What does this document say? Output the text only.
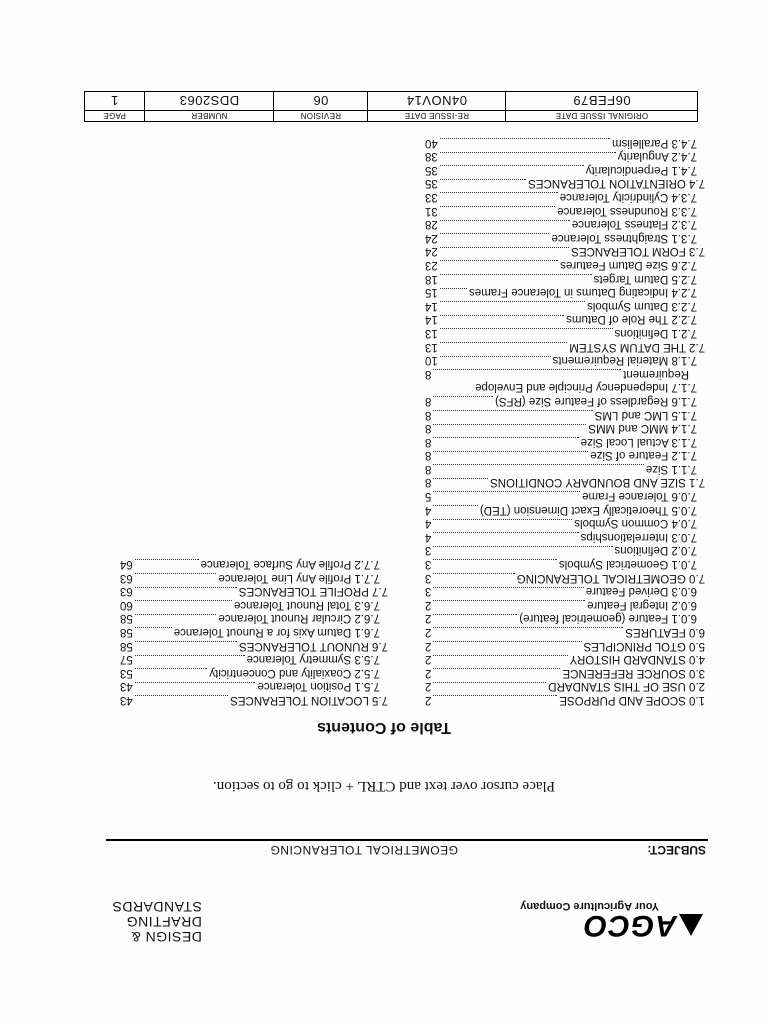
AGCO
Your Agriculture Company
DESIGN &
DRAFTING
STANDARDS
SUBJECT:
GEOMETRICAL TOLERANCING
Place cursor over text and CTRL + click to go to section.
Table of Contents
1.0 SCOPE AND PURPOSE
2
2.0 USE OF THIS STANDARD
2
3.0 SOURCE REFERENCE
2
4.0 STANDARD HISTORY
2
5.0 GTOL PRINCIPLES
2
6.0 FEATURES
2
6.0.1 Feature (geometrical feature)
2
6.0.2 Integral Feature
2
6.0.3 Derived Feature
3
7.0 GEOMETRICAL TOLERANCING
3
7.0.1 Geometrical Symbols
3
7.0.2 Definitions
3
7.0.3 Interrelationships
4
7.0.4 Common Symbols
4
7.0.5 Theoretically Exact Dimension (TED)
4
7.0.6 Tolerance Frame
5
7.1 SIZE AND BOUNDARY CONDITIONS
8
7.1.1 Size
8
7.1.2 Feature of Size
8
7.1.3 Actual Local Size
8
7.1.4 MMC and MMS
8
7.1.5 LMC and LMS
8
7.1.6 Regardless of Feature Size (RFS)
8
7.1.7 Independency Principle and Envelope
Requirement
8
7.1.8 Material Requirements
10
7.2 THE DATUM SYSTEM
13
7.2.1 Definitions
13
7.2.2 The Role of Datums
14
7.2.3 Datum Symbols
14
7.2.4 Indicating Datums in Tolerance Frames
15
7.2.5 Datum Targets
18
7.2.6 Size Datum Features
23
7.3 FORM TOLERANCES
24
7.3.1 Straightness Tolerance
24
7.3.2 Flatness Tolerance
28
7.3.3 Roundness Tolerance
31
7.3.4 Cylindricity Tolerance
33
7.4 ORIENTATION TOLERANCES
35
7.4.1 Perpendicularity
35
7.4.2 Angularity
38
7.4.3 Parallelism
40
7.5 LOCATION TOLERANCES
43
7.5.1 Position Tolerance
43
7.5.2 Coaxiality and Concentricity
53
7.5.3 Symmetry Tolerance
57
7.6 RUNOUT TOLERANCES
58
7.6.1 Datum Axis for a Runout Tolerance
58
7.6.2 Circular Runout Tolerance
58
7.6.3 Total Runout Tolerance
60
7.7 PROFILE TOLERANCES
63
7.7.1 Profile Any Line Tolerance
63
7.7.2 Profile Any Surface Tolerance
64
ORIGINAL ISSUE DATE	RE-ISSUE DATE	REVISION	NUMBER	PAGE
06FEB79	04NOV14	06	DDS2063	1
